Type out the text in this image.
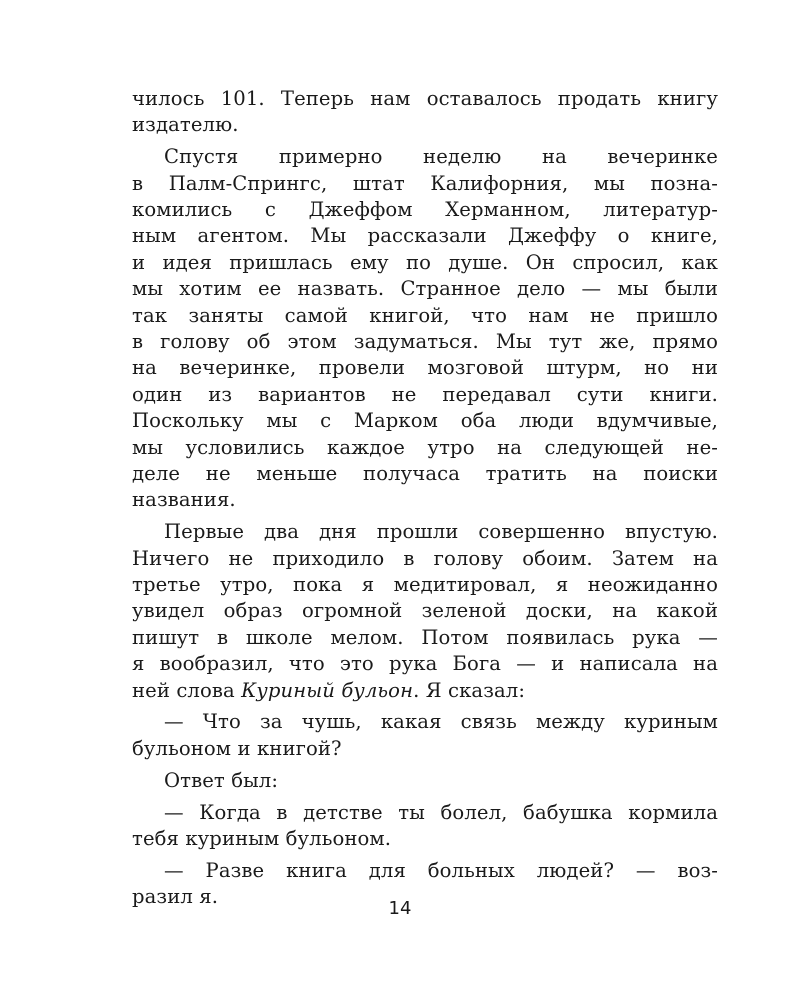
чилось 101. Теперь нам оставалось продать книгу
издателю.
Спустя примерно неделю на вечеринке
в Палм-Спрингс, штат Калифорния, мы позна-
комились с Джеффом Херманном, литератур-
ным агентом. Мы рассказали Джеффу о книге,
и идея пришлась ему по душе. Он спросил, как
мы хотим ее назвать. Странное дело — мы были
так заняты самой книгой, что нам не пришло
в голову об этом задуматься. Мы тут же, прямо
на вечеринке, провели мозговой штурм, но ни
один из вариантов не передавал сути книги.
Поскольку мы с Марком оба люди вдумчивые,
мы условились каждое утро на следующей не-
деле не меньше получаса тратить на поиски
названия.
Первые два дня прошли совершенно впустую.
Ничего не приходило в голову обоим. Затем на
третье утро, пока я медитировал, я неожиданно
увидел образ огромной зеленой доски, на какой
пишут в школе мелом. Потом появилась рука —
я вообразил, что это рука Бога — и написала на
ней слова Куриный бульон. Я сказал:
— Что за чушь, какая связь между куриным
бульоном и книгой?
Ответ был:
— Когда в детстве ты болел, бабушка кормила
тебя куриным бульоном.
— Разве книга для больных людей? — воз-
разил я.
14
